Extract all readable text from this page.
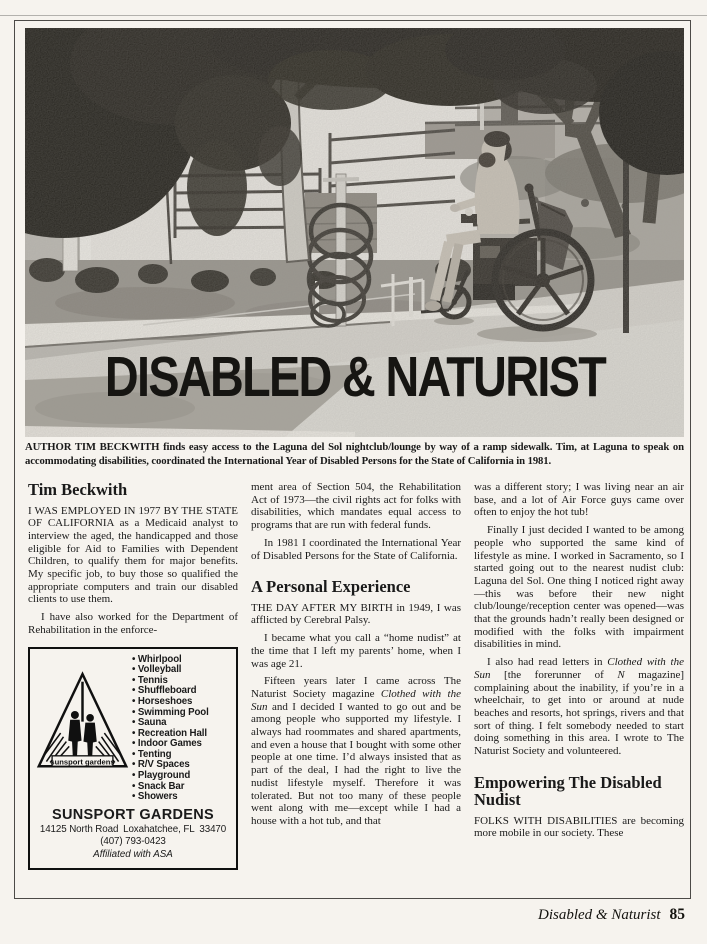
DISABLED & NATURIST
AUTHOR TIM BECKWITH finds easy access to the Laguna del Sol nightclub/lounge by way of a ramp sidewalk. Tim, at Laguna to speak on accommodating disabilities, coordinated the International Year of Disabled Persons for the State of California in 1981.
Tim Beckwith

I WAS EMPLOYED IN 1977 BY THE STATE OF CALIFORNIA as a Medicaid analyst to interview the aged, the handicapped and those eligible for Aid to Families with Dependent Children, to qualify them for major benefits. My specific job, to buy those so qualified the appropriate computers and train our disabled clients to use them.

I have also worked for the Department of Rehabilitation in the enforce-

sunsport gardens
• Whirlpool
• Volleyball
• Tennis
• Shuffleboard
• Horseshoes
• Swimming Pool
• Sauna
• Recreation Hall
• Indoor Games
• Tenting
• R/V Spaces
• Playground
• Snack Bar
• Showers
SUNSPORT GARDENS
14125 North Road Loxahatchee, FL 33470
(407) 793-0423
Affiliated with ASA

ment area of Section 504, the Rehabilitation Act of 1973—the civil rights act for folks with disabilities, which mandates equal access to programs that are run with federal funds.

In 1981 I coordinated the International Year of Disabled Persons for the State of California.

A Personal Experience

THE DAY AFTER MY BIRTH in 1949, I was afflicted by Cerebral Palsy.

I became what you call a “home nudist” at the time that I left my parents’ home, when I was age 21.

Fifteen years later I came across The Naturist Society magazine Clothed with the Sun and I decided I wanted to go out and be among people who supported my lifestyle. I always had roommates and shared apartments, and even a house that I bought with some other people at one time. I’d always insisted that as part of the deal, I had the right to live the nudist lifestyle myself. Therefore it was tolerated. But not too many of these people went along with me—except while I had a house with a hot tub, and that

was a different story; I was living near an air base, and a lot of Air Force guys came over often to enjoy the hot tub!

Finally I just decided I wanted to be among people who supported the same kind of lifestyle as mine. I worked in Sacramento, so I started going out to the nearest nudist club: Laguna del Sol. One thing I noticed right away—this was before their new night club/lounge/reception center was opened—was that the grounds hadn’t really been designed or modified with the folks with impairment disabilities in mind.

I also had read letters in Clothed with the Sun [the forerunner of N magazine] complaining about the inability, if you’re in a wheelchair, to get into or around at nude beaches and resorts, hot springs, rivers and that sort of thing. I felt somebody needed to start doing something in this area. I wrote to The Naturist Society and volunteered.

Empowering The Disabled Nudist

FOLKS WITH DISABILITIES are becoming more mobile in our society. These

Disabled & Naturist 85
